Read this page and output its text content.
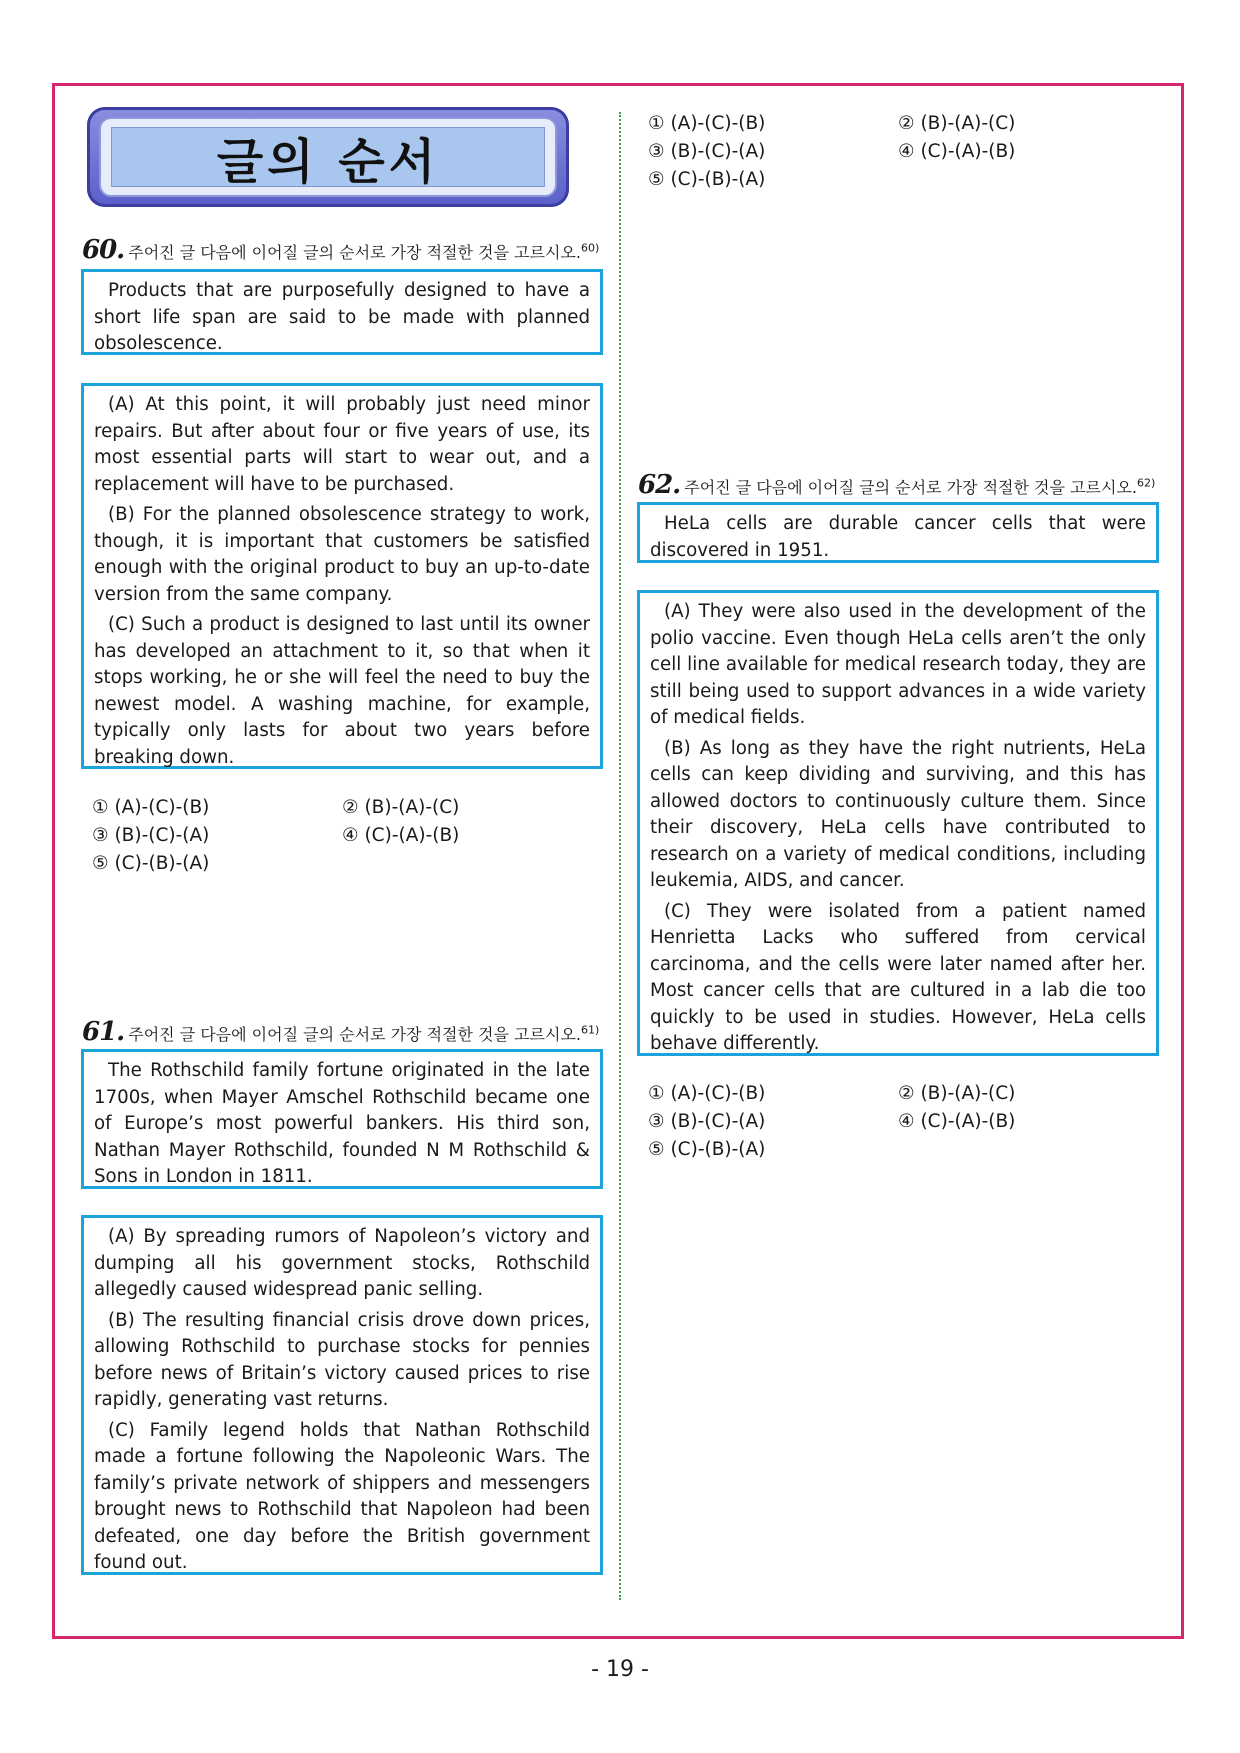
글의 순서
60. 주어진 글 다음에 이어질 글의 순서로 가장 적절한 것을 고르시오.$^{60)}$

Products that are purposefully designed to have a short life span are said to be made with planned obsolescence.

(A) At this point, it will probably just need minor repairs. But after about four or five years of use, its most essential parts will start to wear out, and a replacement will have to be purchased.

(B) For the planned obsolescence strategy to work, though, it is important that customers be satisfied enough with the original product to buy an up-to-date version from the same company.

(C) Such a product is designed to last until its owner has developed an attachment to it, so that when it stops working, he or she will feel the need to buy the newest model. A washing machine, for example, typically only lasts for about two years before breaking down.

① (A)-(C)-(B)	② (B)-(A)-(C)
③ (B)-(C)-(A)	④ (C)-(A)-(B)
⑤ (C)-(B)-(A)
61. 주어진 글 다음에 이어질 글의 순서로 가장 적절한 것을 고르시오.$^{61)}$

The Rothschild family fortune originated in the late 1700s, when Mayer Amschel Rothschild became one of Europe’s most powerful bankers. His third son, Nathan Mayer Rothschild, founded N M Rothschild & Sons in London in 1811.

(A) By spreading rumors of Napoleon’s victory and dumping all his government stocks, Rothschild allegedly caused widespread panic selling.

(B) The resulting financial crisis drove down prices, allowing Rothschild to purchase stocks for pennies before news of Britain’s victory caused prices to rise rapidly, generating vast returns.

(C) Family legend holds that Nathan Rothschild made a fortune following the Napoleonic Wars. The family’s private network of shippers and messengers brought news to Rothschild that Napoleon had been defeated, one day before the British government found out.

① (A)-(C)-(B)	② (B)-(A)-(C)
③ (B)-(C)-(A)	④ (C)-(A)-(B)
⑤ (C)-(B)-(A)
62. 주어진 글 다음에 이어질 글의 순서로 가장 적절한 것을 고르시오.$^{62)}$

HeLa cells are durable cancer cells that were discovered in 1951.

(A) They were also used in the development of the polio vaccine. Even though HeLa cells aren’t the only cell line available for medical research today, they are still being used to support advances in a wide variety of medical fields.

(B) As long as they have the right nutrients, HeLa cells can keep dividing and surviving, and this has allowed doctors to continuously culture them. Since their discovery, HeLa cells have contributed to research on a variety of medical conditions, including leukemia, AIDS, and cancer.

(C) They were isolated from a patient named Henrietta Lacks who suffered from cervical carcinoma, and the cells were later named after her. Most cancer cells that are cultured in a lab die too quickly to be used in studies. However, HeLa cells behave differently.

① (A)-(C)-(B)	② (B)-(A)-(C)
③ (B)-(C)-(A)	④ (C)-(A)-(B)
⑤ (C)-(B)-(A)
- 19 -
